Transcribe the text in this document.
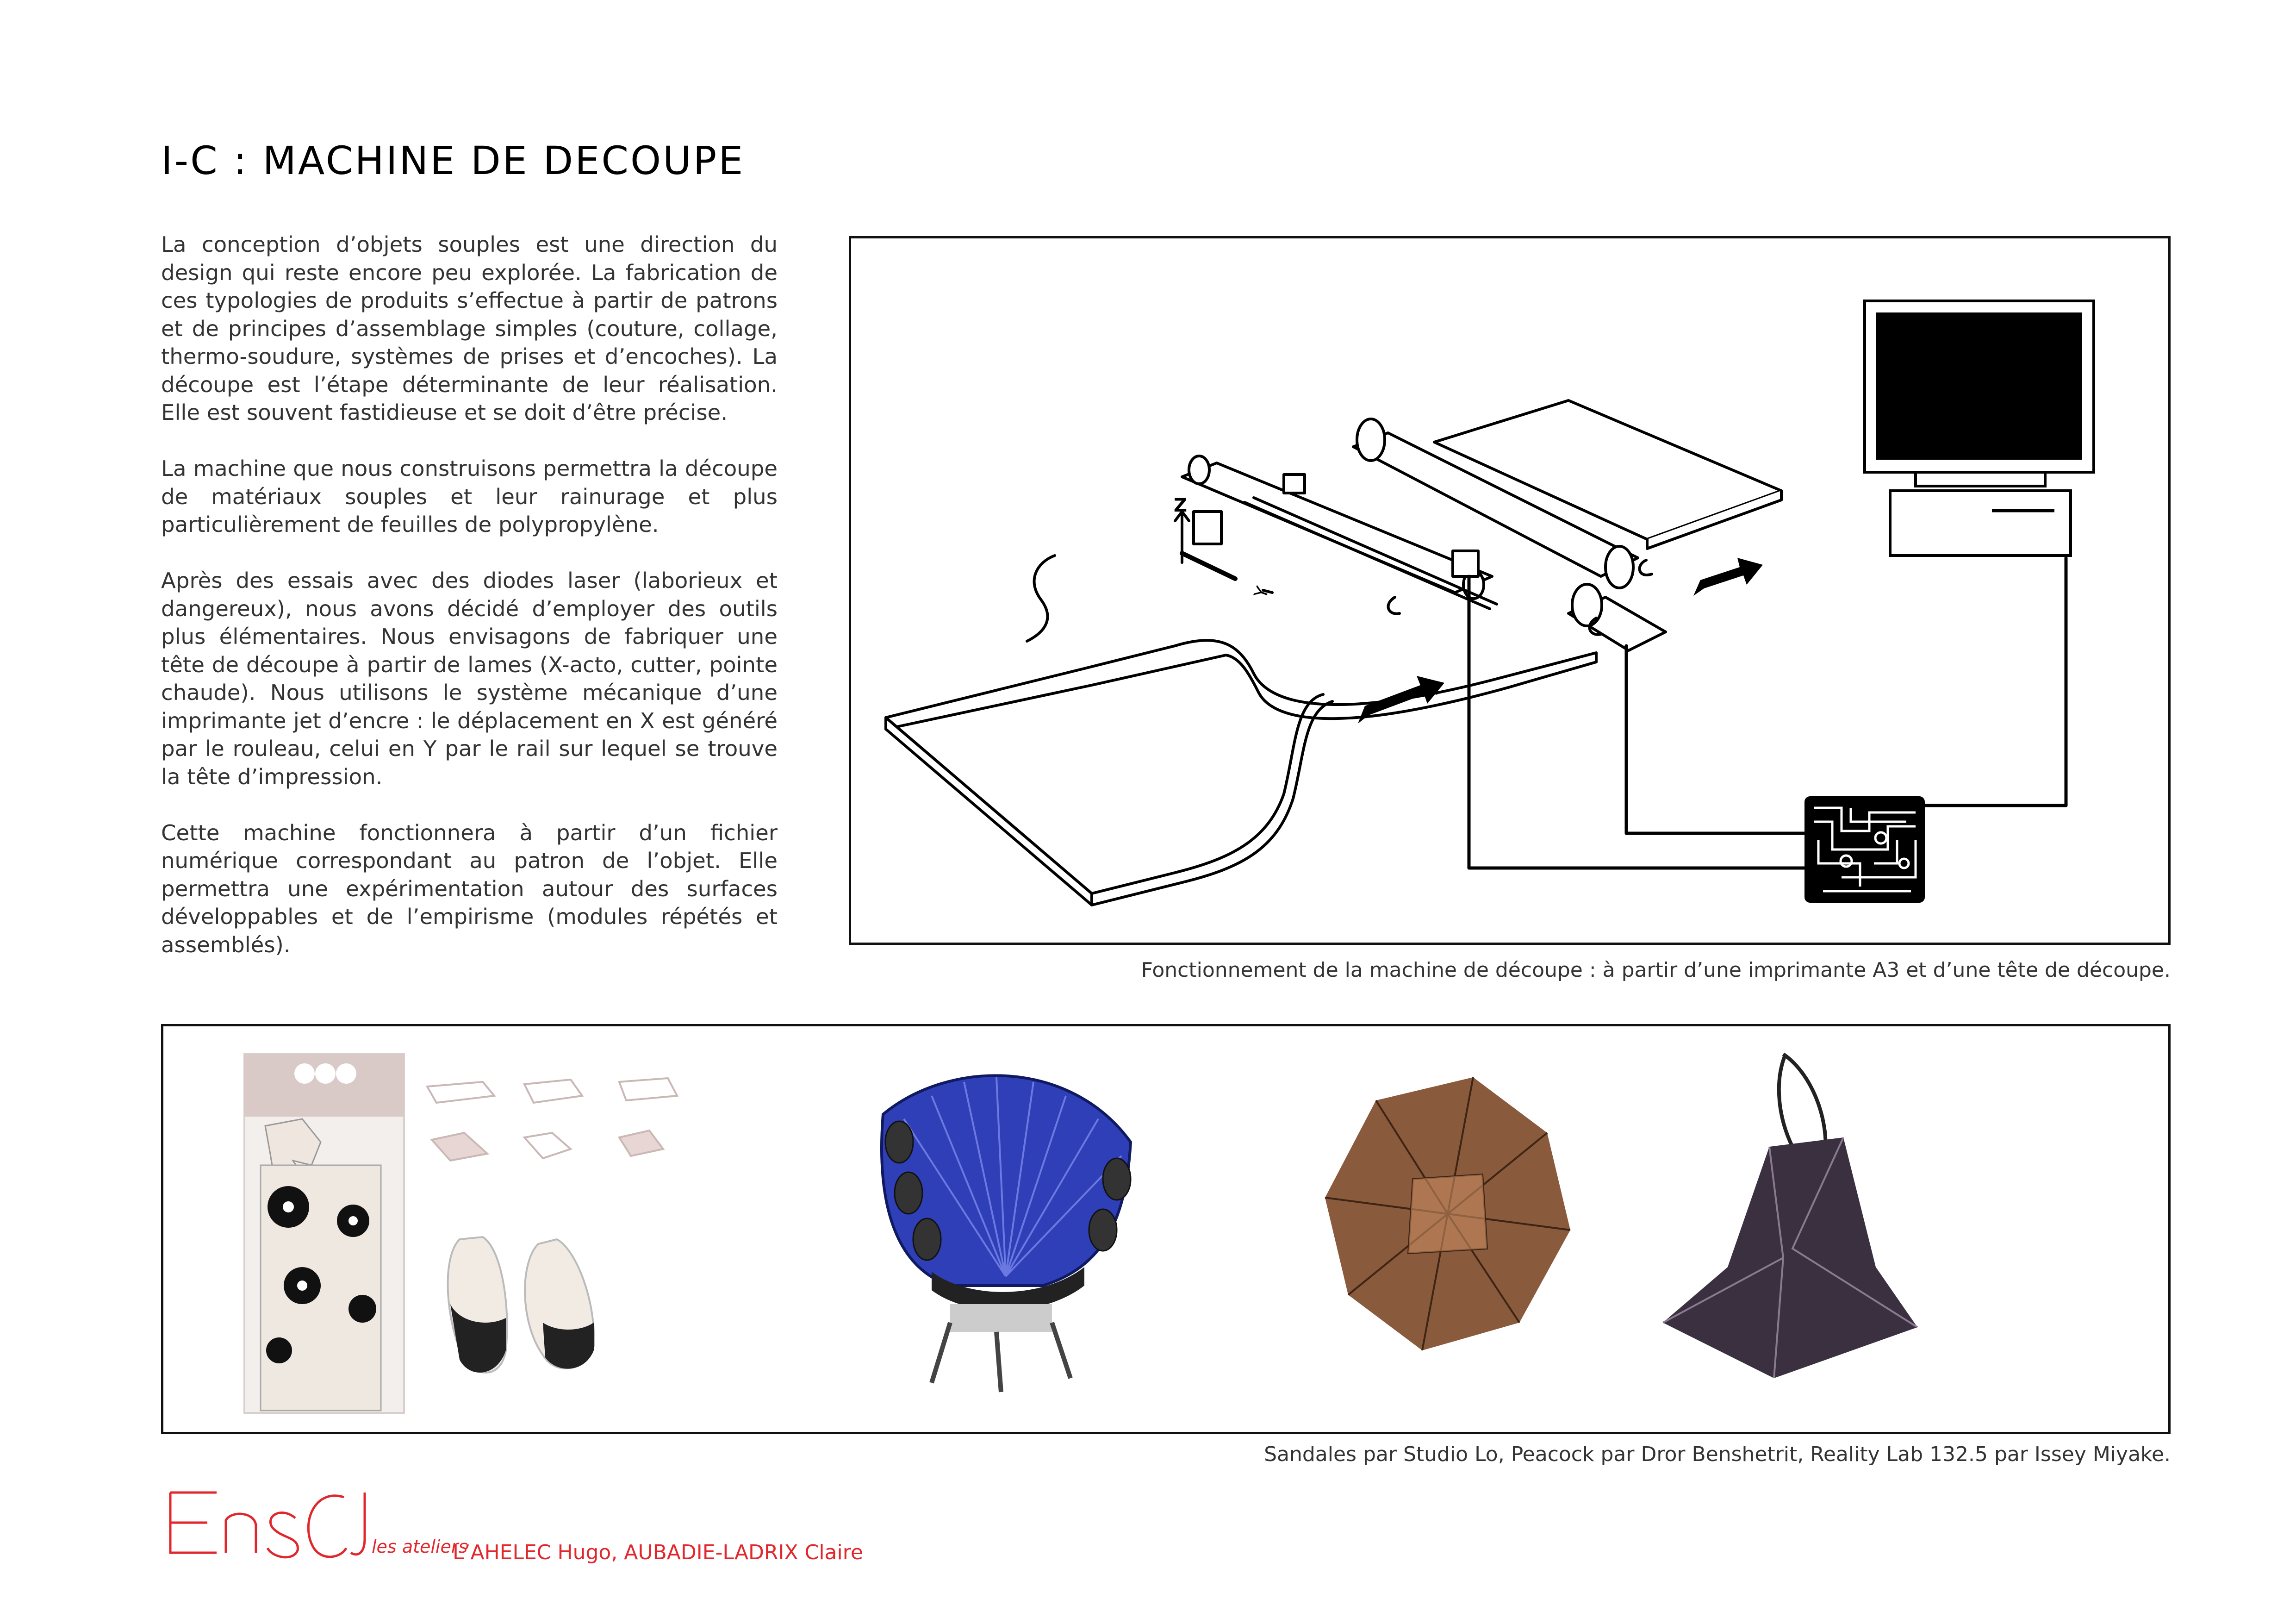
I-C : MACHINE DE DECOUPE

La conception d’objets souples est une direction du design qui reste encore peu explorée. La fabrication de ces typologies de produits s’effectue à partir de patrons et de principes d’assemblage simples (couture, collage, thermo-soudure, systèmes de prises et d’encoches). La découpe est l’étape déterminante de leur réalisation. Elle est souvent fastidieuse et se doit d’être précise.

La machine que nous construisons permettra la découpe de matériaux souples et leur rainurage et plus particulièrement de feuilles de polypropylène.

Après des essais avec des diodes laser (laborieux et dangereux), nous avons décidé d’employer des outils plus élémentaires. Nous envisagons de fabriquer une tête de découpe à partir de lames (X-acto, cutter, pointe chaude). Nous utilisons le système mécanique d’une imprimante jet d’encre : le déplacement en X est généré par le rouleau, celui en Y par le rail sur lequel se trouve la tête d’impression.

Cette machine fonctionnera à partir d’un fichier numérique correspondant au patron de l’objet. Elle permettra une expérimentation autour des surfaces développables et de l’empirisme (modules répétés et assemblés).

Z
Y
Fonctionnement de la machine de découpe : à partir d’une imprimante A3 et d’une tête de découpe.
Sandales par Studio Lo, Peacock par Dror Benshetrit, Reality Lab 132.5 par Issey Miyake.
les ateliers
L’AHELEC Hugo, AUBADIE-LADRIX Claire
